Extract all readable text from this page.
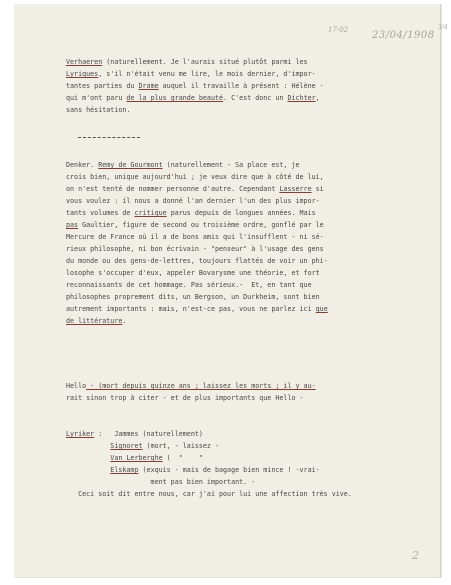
17-02 23/04/1908
3/4
Verhaeren (naturellement. Je l'aurais situé plutôt parmi les
Lyriques, s'il n'était venu me lire, le mois dernier, d'impor-
tantes parties du Drame auquel il travaille à présent : Hélène -
qui m'ont paru de la plus grande beauté. C'est donc un Dichter,
sans hésitation.
Denker. Remy de Gourmont (naturellement - Sa place est, je
crois bien, unique aujourd'hui ; je veux dire que à côté de lui,
on n'est tenté de nommer personne d'autre. Cependant Lasserre si
vous voulez : il nous a donné l'an dernier l'un des plus impor-
tants volumes de critique parus depuis de longues années. Mais
pas Gaultier, figure de second ou troisième ordre, gonflé par le
Mercure de France où il a de bons amis qui l'insufflent - ni sé-
rieux philosophe, ni bon écrivain - "penseur" à l'usage des gens
du monde ou des gens-de-lettres, toujours flattés de voir un phi-
losophe s'occuper d'eux, appeler Bovarysme une théorie, et fort
reconnaissants de cet hommage. Pas sérieux.-  Et, en tant que
philosophes proprement dits, un Bergson, un Durkheim, sont bien
autrement importants : mais, n'est-ce pas, vous ne parlez ici que
de littérature.
Hello - (mort depuis quinze ans ; laissez les morts ; il y au-
rait sinon trop à citer - et de plus importants que Hello -
Lyriker :   Jammes (naturellement)
Signoret (mort, - laissez -
Van Lerberghe (  "    "
Elskamp (exquis - mais de bagage bien mince ! -vrai-
ment pas bien important. -
Ceci soit dit entre nous, car j'ai pour lui une affection très vive.
2
